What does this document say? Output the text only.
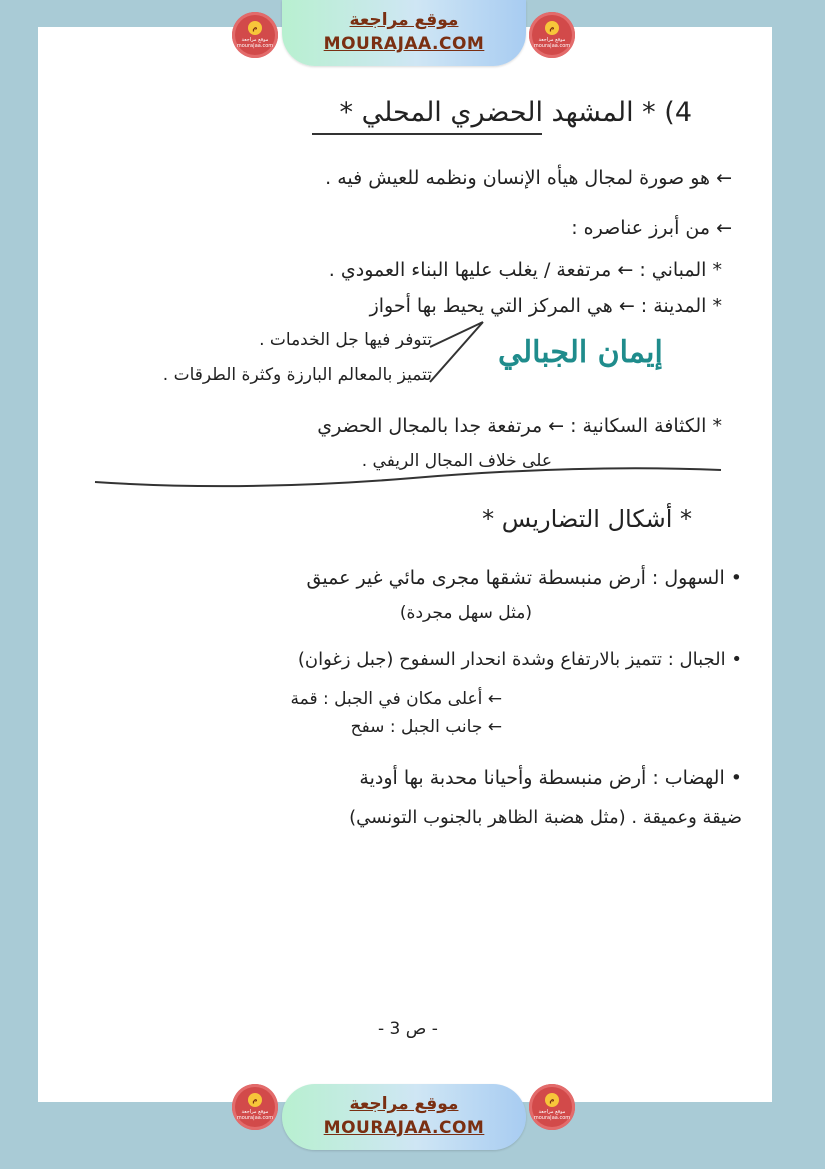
4) * المشهد الحضري المحلي *
← هو صورة لمجال هيأه الإنسان ونظمه للعيش فيه .
← من أبرز عناصره :
* المباني : ← مرتفعة / يغلب عليها البناء العمودي .
* المدينة : ← هي المركز التي يحيط بها أحواز
تتوفر فيها جل الخدمات .
تتميز بالمعالم البارزة وكثرة الطرقات .
* الكثافة السكانية : ← مرتفعة جدا بالمجال الحضري
على خلاف المجال الريفي .
* أشكال التضاريس *
• السهول : أرض منبسطة تشقها مجرى مائي غير عميق
(مثل سهل مجردة)
• الجبال : تتميز بالارتفاع وشدة انحدار السفوح (جبل زغوان)
← أعلى مكان في الجبل : قمة
← جانب الجبل : سفح
• الهضاب : أرض منبسطة وأحيانا محدبة بها أودية
ضيقة وعميقة . (مثل هضبة الظاهر بالجنوب التونسي)
إيمان الجبالي
- ص 3 -
موقع مراجعة
MOURAJAA.COM
م
موقع مراجعة moura|aa.com
م
موقع مراجعة moura|aa.com
موقع مراجعة
MOURAJAA.COM
م
موقع مراجعة moura|aa.com
م
موقع مراجعة moura|aa.com
